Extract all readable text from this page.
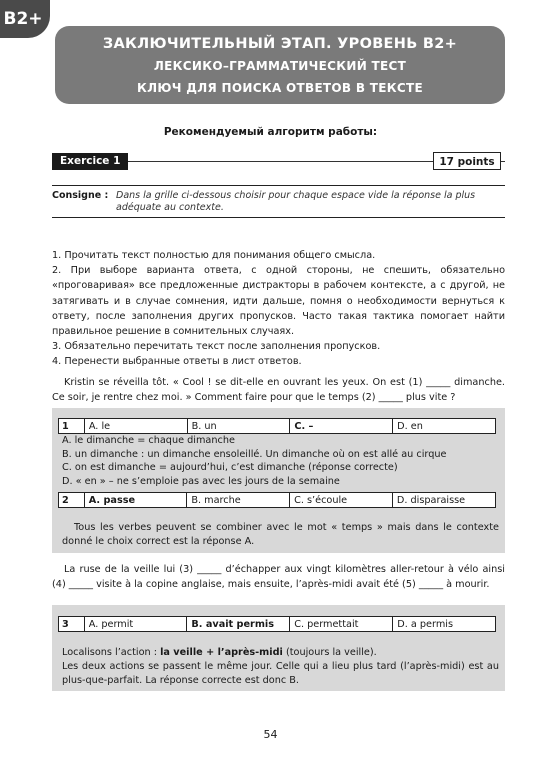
B2+
ЗАКЛЮЧИТЕЛЬНЫЙ ЭТАП. УРОВЕНЬ B2+
ЛЕКСИКО–ГРАММАТИЧЕСКИЙ ТЕСТ
КЛЮЧ ДЛЯ ПОИСКА ОТВЕТОВ В ТЕКСТЕ
Рекомендуемый алгоритм работы:
Exercice 1	17 points
Consigne : Dans la grille ci-dessous choisir pour chaque espace vide la réponse la plus adéquate au contexte.

1. Прочитать текст полностью для понимания общего смысла.

2. При выборе варианта ответа, с одной стороны, не спешить, обязательно «проговаривая» все предложенные дистракторы в рабочем контексте, а с другой, не затягивать и в случае сомнения, идти дальше, помня о необходимости вернуться к ответу, после заполнения других пропусков. Часто такая тактика помогает найти правильное решение в сомнительных случаях.

3. Обязательно перечитать текст после заполнения пропусков.

4. Перенести выбранные ответы в лист ответов.

Kristin se réveilla tôt. « Cool ! se dit-elle en ouvrant les yeux. On est (1) _____ dimanche. Ce soir, je rentre chez moi. » Comment faire pour que le temps (2) _____ plus vite ?

1	A. le	B. un	C. –	D. en
A. le dimanche = chaque dimanche
B. un dimanche : un dimanche ensoleillé. Un dimanche où on est allé au cirque
C. on est dimanche = aujourd’hui, c’est dimanche (réponse correcte)
D. « en » – ne s’emploie pas avec les jours de la semaine
2	A. passe	B. marche	C. s’écoule	D. disparaisse

Tous les verbes peuvent se combiner avec le mot « temps » mais dans le contexte donné le choix correct est la réponse A.

La ruse de la veille lui (3) _____ d’échapper aux vingt kilomètres aller-retour à vélo ainsi (4) _____ visite à la copine anglaise, mais ensuite, l’après-midi avait été (5) _____ à mourir.

3	A. permit	B. avait permis	C. permettait	D. a permis

Localisons l’action : la veille + l’après-midi (toujours la veille).

Les deux actions se passent le même jour. Celle qui a lieu plus tard (l’après-midi) est au plus-que-parfait. La réponse correcte est donc B.

54
